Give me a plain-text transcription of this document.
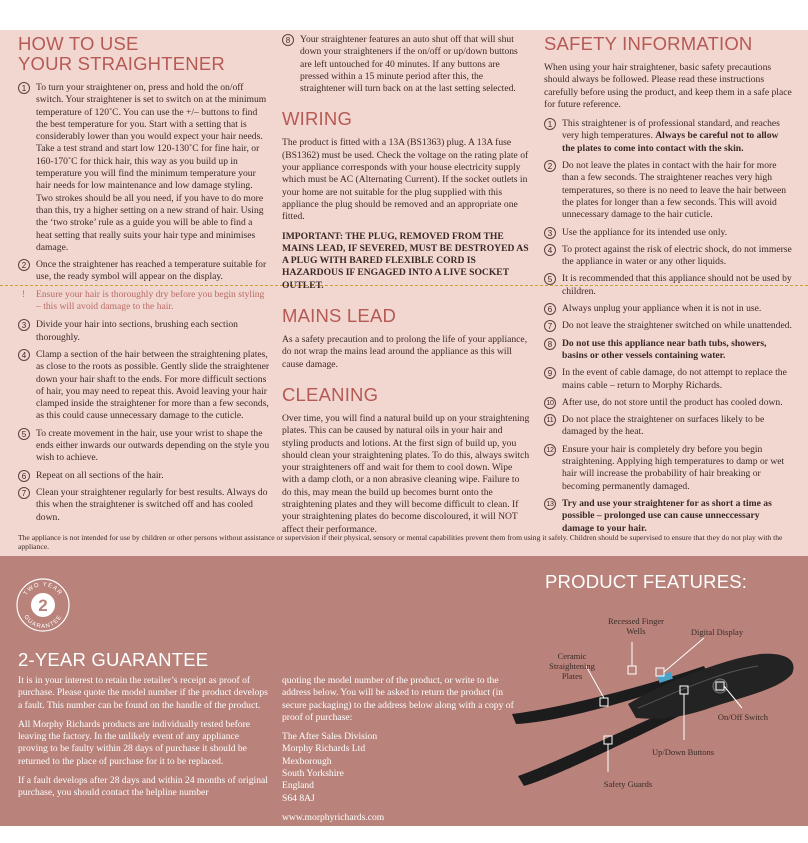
HOW TO USE
YOUR STRAIGHTENER
1	To turn your straightener on, press and hold the on/off switch. Your straightener is set to switch on at the minimum temperature of 120˚C. You can use the +/– buttons to find the best temperature for you. Start with a setting that is considerably lower than you would expect your hair needs. Take a test strand and start low 120-130˚C for fine hair, or 160-170˚C for thick hair, this way as you build up in temperature you will find the minimum temperature your hair needs for low maintenance and low damage styling. Two strokes should be all you need, if you have to do more than this, try a higher setting on a new strand of hair. Using the ‘two stroke’ rule as a guide you will be able to find a heat setting that really suits your hair type and minimises damage.
2	Once the straightener has reached a temperature suitable for use, the ready symbol will appear on the display.
! Ensure your hair is thoroughly dry before you begin styling – this will avoid damage to the hair.
3	Divide your hair into sections, brushing each section thoroughly.
4	Clamp a section of the hair between the straightening plates, as close to the roots as possible. Gently slide the straightener down your hair shaft to the ends. For more difficult sections of hair, you may need to repeat this. Avoid leaving your hair clamped inside the straightener for more than a few seconds, as this could cause unnecessary damage to the cuticle.
5	To create movement in the hair, use your wrist to shape the ends either inwards our outwards depending on the style you wish to achieve.
6	Repeat on all sections of the hair.
7	Clean your straightener regularly for best results. Always do this when the straightener is switched off and has cooled down.
8	Your straightener features an auto shut off that will shut down your straighteners if the on/off or up/down buttons are left untouched for 40 minutes. If any buttons are pressed within a 15 minute period after this, the straightener will turn back on at the last setting selected.
WIRING

The product is fitted with a 13A (BS1363) plug. A 13A fuse (BS1362) must be used. Check the voltage on the rating plate of your appliance corresponds with your house electricity supply which must be AC (Alternating Current). If the socket outlets in your home are not suitable for the plug supplied with this appliance the plug should be removed and an appropriate one fitted.

IMPORTANT: THE PLUG, REMOVED FROM THE MAINS LEAD, IF SEVERED, MUST BE DESTROYED AS A PLUG WITH BARED FLEXIBLE CORD IS HAZARDOUS IF ENGAGED INTO A LIVE SOCKET OUTLET.

MAINS LEAD

As a safety precaution and to prolong the life of your appliance, do not wrap the mains lead around the appliance as this will cause damage.

CLEANING

Over time, you will find a natural build up on your straightening plates. This can be caused by natural oils in your hair and styling products and lotions. At the first sign of build up, you should clean your straightening plates. To do this, always switch your straighteners off and wait for them to cool down. Wipe with a damp cloth, or a non abrasive cleaning wipe. Failure to do this, may mean the build up becomes burnt onto the straightening plates and they will become difficult to clean. If your straightening plates do become discoloured, it will NOT affect their performance.

SAFETY INFORMATION

When using your hair straightener, basic safety precautions should always be followed. Please read these instructions carefully before using the product, and keep them in a safe place for future reference.

1	This straightener is of professional standard, and reaches very high temperatures. Always be careful not to allow the plates to come into contact with the skin.
2	Do not leave the plates in contact with the hair for more than a few seconds. The straightener reaches very high temperatures, so there is no need to leave the hair between the plates for longer than a few seconds. This will avoid unnecessary damage to the hair cuticle.
3	Use the appliance for its intended use only.
4	To protect against the risk of electric shock, do not immerse the appliance in water or any other liquids.
5	It is recommended that this appliance should not be used by children.
6	Always unplug your appliance when it is not in use.
7	Do not leave the straightener switched on while unattended.
8	Do not use this appliance near bath tubs, showers, basins or other vessels containing water.
9	In the event of cable damage, do not attempt to replace the mains cable – return to Morphy Richards.
10 After use, do not store until the product has cooled down.
11 Do not place the straightener on surfaces likely to be damaged by the heat.
12 Ensure your hair is completely dry before you begin straightening. Applying high temperatures to damp or wet hair will increase the probability of hair breaking or becoming permanently damaged.
13 Try and use your straightener for as short a time as possible – prolonged use can cause unneccessary damage to your hair.
The appliance is not intended for use by children or other persons without assistance or supervision if their physical, sensory or mental capabilities prevent them from using it safely. Children should be supervised to ensure that they do not play with the appliance.
2
TWO YEAR
GUARANTEE
2-YEAR GUARANTEE

It is in your interest to retain the retailer’s receipt as proof of purchase. Please quote the model number if the product develops a fault. This number can be found on the handle of the product.

All Morphy Richards products are individually tested before leaving the factory. In the unlikely event of any appliance proving to be faulty within 28 days of purchase it should be returned to the place of purchase for it to be replaced.

If a fault develops after 28 days and within 24 months of original purchase, you should contact the helpline number

quoting the model number of the product, or write to the address below. You will be asked to return the product (in secure packaging) to the address below along with a copy of proof of purchase:

The After Sales Division
Morphy Richards Ltd
Mexborough
South Yorkshire
England
S64 8AJ

www.morphyrichards.com

PRODUCT FEATURES:
Recessed Finger Wells	Digital Display
Ceramic Straightening Plates
On/Off Switch
Up/Down Buttons
Safety Guards
